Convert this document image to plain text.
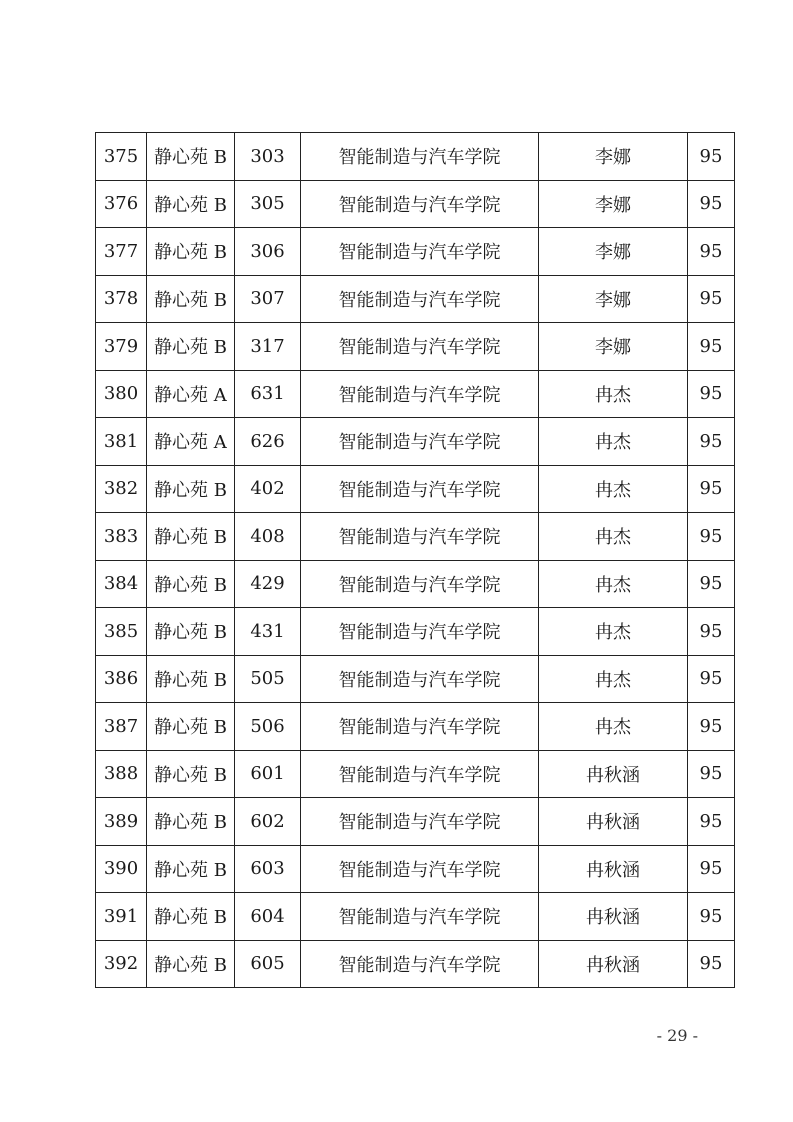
375	静心苑 B	303	智能制造与汽车学院	李娜	95
376	静心苑 B	305	智能制造与汽车学院	李娜	95
377	静心苑 B	306	智能制造与汽车学院	李娜	95
378	静心苑 B	307	智能制造与汽车学院	李娜	95
379	静心苑 B	317	智能制造与汽车学院	李娜	95
380	静心苑 A	631	智能制造与汽车学院	冉杰	95
381	静心苑 A	626	智能制造与汽车学院	冉杰	95
382	静心苑 B	402	智能制造与汽车学院	冉杰	95
383	静心苑 B	408	智能制造与汽车学院	冉杰	95
384	静心苑 B	429	智能制造与汽车学院	冉杰	95
385	静心苑 B	431	智能制造与汽车学院	冉杰	95
386	静心苑 B	505	智能制造与汽车学院	冉杰	95
387	静心苑 B	506	智能制造与汽车学院	冉杰	95
388	静心苑 B	601	智能制造与汽车学院	冉秋涵	95
389	静心苑 B	602	智能制造与汽车学院	冉秋涵	95
390	静心苑 B	603	智能制造与汽车学院	冉秋涵	95
391	静心苑 B	604	智能制造与汽车学院	冉秋涵	95
392	静心苑 B	605	智能制造与汽车学院	冉秋涵	95
- 29 -
